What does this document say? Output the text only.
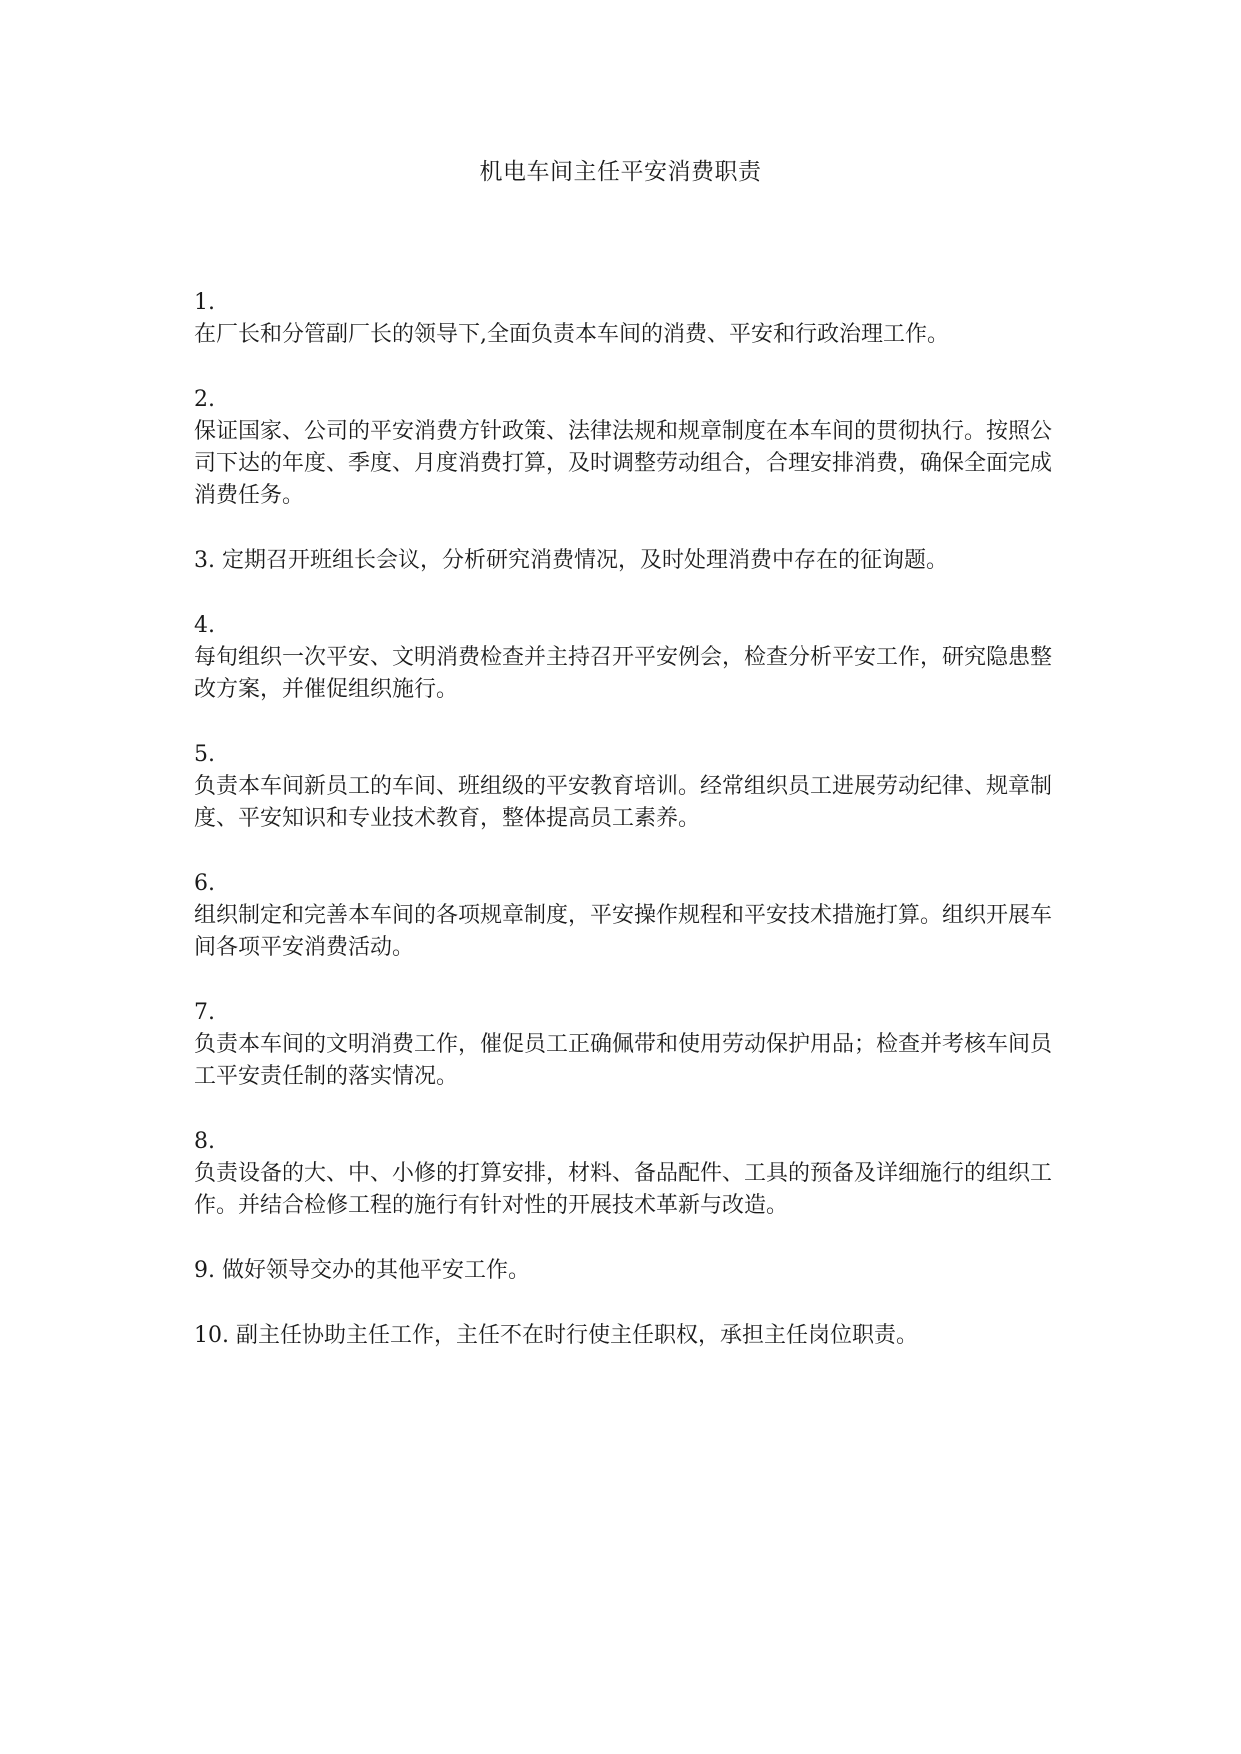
机电车间主任平安消费职责
1.
在厂长和分管副厂长的领导下,全面负责本车间的消费、平安和行政治理工作。
2.
保证国家、公司的平安消费方针政策、法律法规和规章制度在本车间的贯彻执行。按照公司下达的年度、季度、月度消费打算，及时调整劳动组合，合理安排消费，确保全面完成消费任务。
3. 定期召开班组长会议，分析研究消费情况，及时处理消费中存在的征询题。
4.
每旬组织一次平安、文明消费检查并主持召开平安例会，检查分析平安工作，研究隐患整改方案，并催促组织施行。
5.
负责本车间新员工的车间、班组级的平安教育培训。经常组织员工进展劳动纪律、规章制度、平安知识和专业技术教育，整体提高员工素养。
6.
组织制定和完善本车间的各项规章制度，平安操作规程和平安技术措施打算。组织开展车间各项平安消费活动。
7.
负责本车间的文明消费工作，催促员工正确佩带和使用劳动保护用品；检查并考核车间员工平安责任制的落实情况。
8.
负责设备的大、中、小修的打算安排，材料、备品配件、工具的预备及详细施行的组织工作。并结合检修工程的施行有针对性的开展技术革新与改造。
9. 做好领导交办的其他平安工作。
10. 副主任协助主任工作，主任不在时行使主任职权，承担主任岗位职责。
